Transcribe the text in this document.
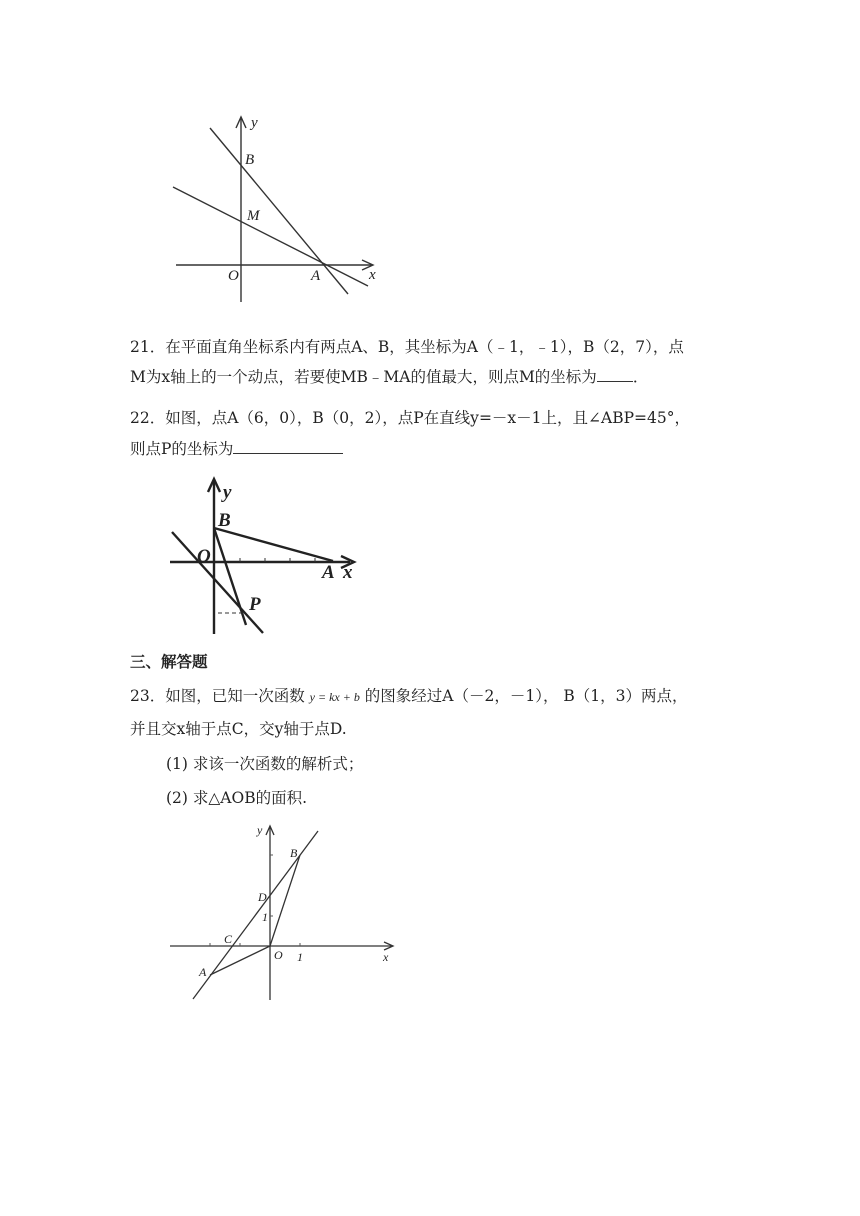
y
B
M
O	A	x
21．在平面直角坐标系内有两点A、B，其坐标为A（﹣1，﹣1），B（2，7），点
M为x轴上的一个动点，若要使MB﹣MA的值最大，则点M的坐标为 ．
22．如图，点A（6，0），B（0，2），点P在直线y=－x－1上，且∠ABP=45°，
则点P的坐标为
y
B
O
A x
P
三、解答题
23．如图，已知一次函数 y = kx + b 的图象经过A（－2，－1）， B（1，3）两点，
并且交x轴于点C，交y轴于点D.
(1) 求该一次函数的解析式；
(2) 求△AOB的面积.
y
B
D
1
C
O 1	x
A
